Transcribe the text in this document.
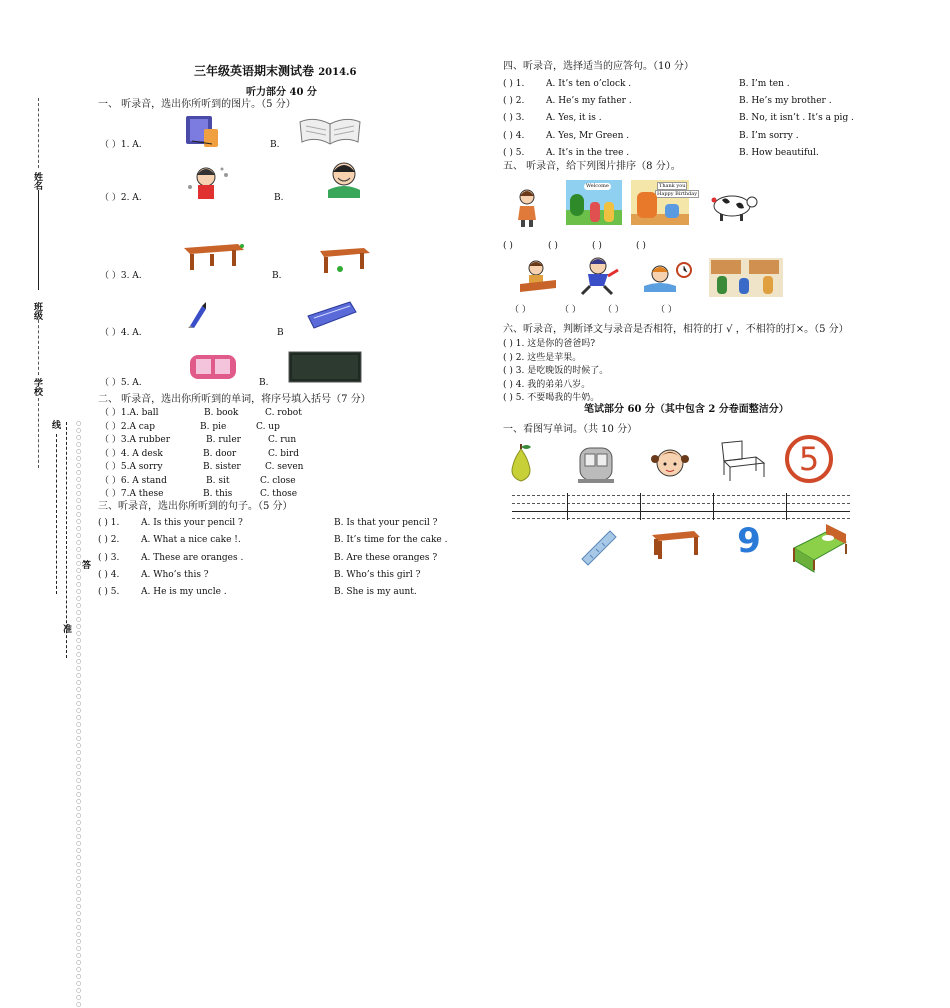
姓名
班级
学校
线
答
准
○○○○○○○○○○○○○○○○○○○○○○○○○○○○○○○○○○○○○○○○○○○○○○○○○○○○○○○○○○○○○○○○○○○○○○○○○○○○○○○○○○○○
三年级英语期末测试卷 2014.6
听力部分 40 分
一、 听录音，选出你所听到的图片。（5 分）
（ ）1. A.	B.
（ ）2. A.	B.
（ ）3. A.	B.
（ ）4. A.	B
（ ）5. A.	B.
二、 听录音，选出你所听到的单词，将序号填入括号（7 分）
（ ）1.A. ball	B. book	C. robot
（ ）2.A cap	B. pie	C. up
（ ）3.A rubber	B. ruler	C. run
（ ）4. A desk	B. door	C. bird
（ ）5.A sorry	B. sister	C. seven
（ ）6. A stand	B. sit	C. close
（ ）7.A these	B. this	C. those
三、听录音，选出你所听到的句子。（5 分）
( ) 1. A. Is this your pencil ?	B. Is that your pencil ?
( ) 2. A. What a nice cake !.	B. It’s time for the cake .
( ) 3. A. These are oranges .	B. Are these oranges ?
( ) 4. A. Who’s this ?	B. Who’s this girl ?
( ) 5. A. He is my uncle .	B. She is my aunt.
四、听录音，选择适当的应答句。（10 分）
( ) 1. A. It’s ten o’clock .	B. I’m ten .
( ) 2. A. He’s my father .	B. He’s my brother .
( ) 3. A. Yes, it is .	B. No, it isn’t . It’s a pig .
( ) 4. A. Yes, Mr Green .	B. I’m sorry .
( ) 5. A. It’s in the tree .	B. How beautiful.
五、 听录音，给下列图片排序（8 分）。
Welcome	Thank you
Happy Birthday
( )	( )	( )	( )
（ ）	（ ） （ ）	（ ）
六、听录音，判断译文与录音是否相符，相符的打 √ ，不相符的打×。（5 分）
( ) 1. 这是你的爸爸吗?
( ) 2. 这些是苹果。
( ) 3. 是吃晚饭的时候了。
( ) 4. 我的弟弟八岁。
( ) 5. 不要喝我的牛奶。
笔试部分 60 分（其中包含 2 分卷面整洁分）
一、看图写单词。（共 10 分）
5
9
